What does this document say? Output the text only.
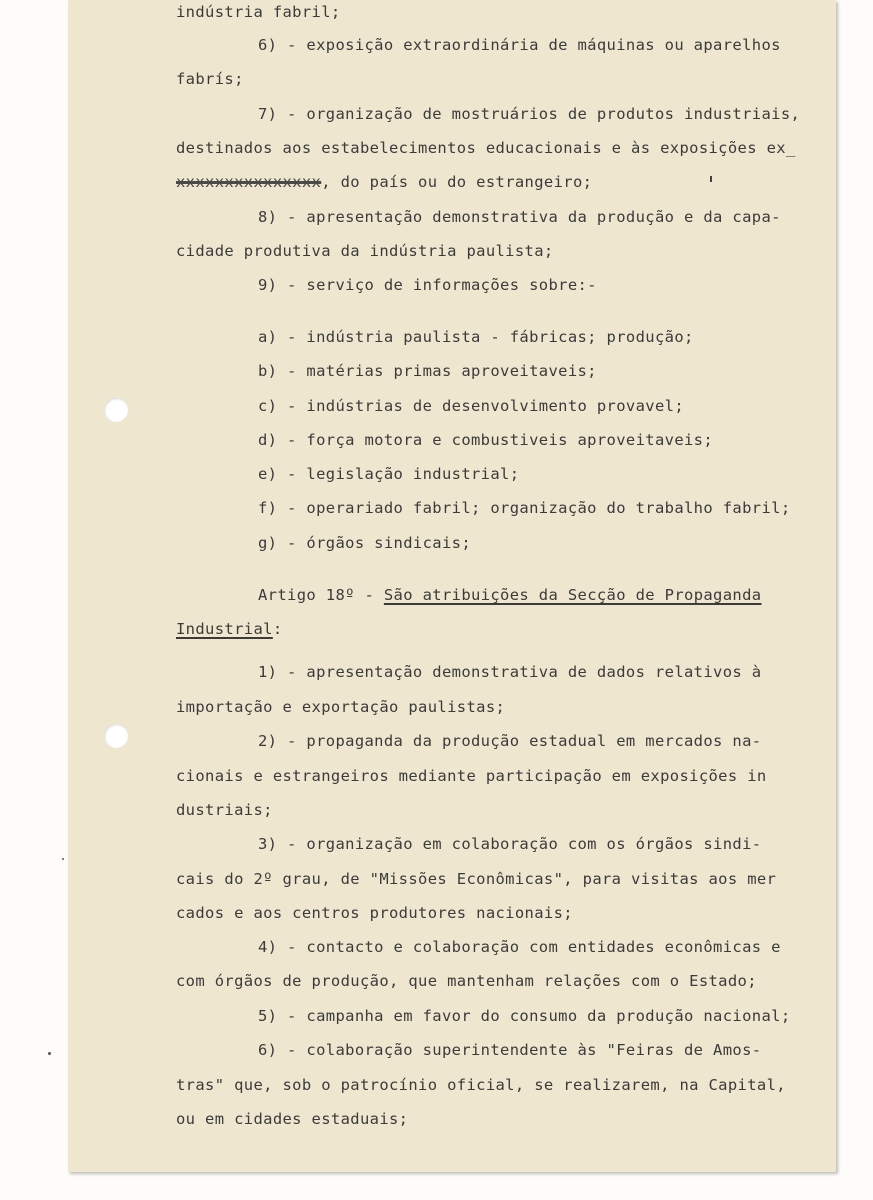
indústria fabril;
6) - exposição extraordinária de máquinas ou aparelhos
fabrís;
7) - organização de mostruários de produtos industriais,
destinados aos estabelecimentos educacionais e às exposições ex_
xxxxxxxxxxxxxxx, do país ou do estrangeiro;
8) - apresentação demonstrativa da produção e da capa-
cidade produtiva da indústria paulista;
9) - serviço de informações sobre:-
a) - indústria paulista - fábricas; produção;
b) - matérias primas aproveitaveis;
c) - indústrias de desenvolvimento provavel;
d) - força motora e combustiveis aproveitaveis;
e) - legislação industrial;
f) - operariado fabril; organização do trabalho fabril;
g) - órgãos sindicais;
Artigo 18º - São atribuições da Secção de Propaganda
Industrial:
1) - apresentação demonstrativa de dados relativos à
importação e exportação paulistas;
2) - propaganda da produção estadual em mercados na-
cionais e estrangeiros mediante participação em exposições in
dustriais;
3) - organização em colaboração com os órgãos sindi-
cais do 2º grau, de "Missões Econômicas", para visitas aos mer
cados e aos centros produtores nacionais;
4) - contacto e colaboração com entidades econômicas e
com órgãos de produção, que mantenham relações com o Estado;
5) - campanha em favor do consumo da produção nacional;
6) - colaboração superintendente às "Feiras de Amos-
tras" que, sob o patrocínio oficial, se realizarem, na Capital,
ou em cidades estaduais;
